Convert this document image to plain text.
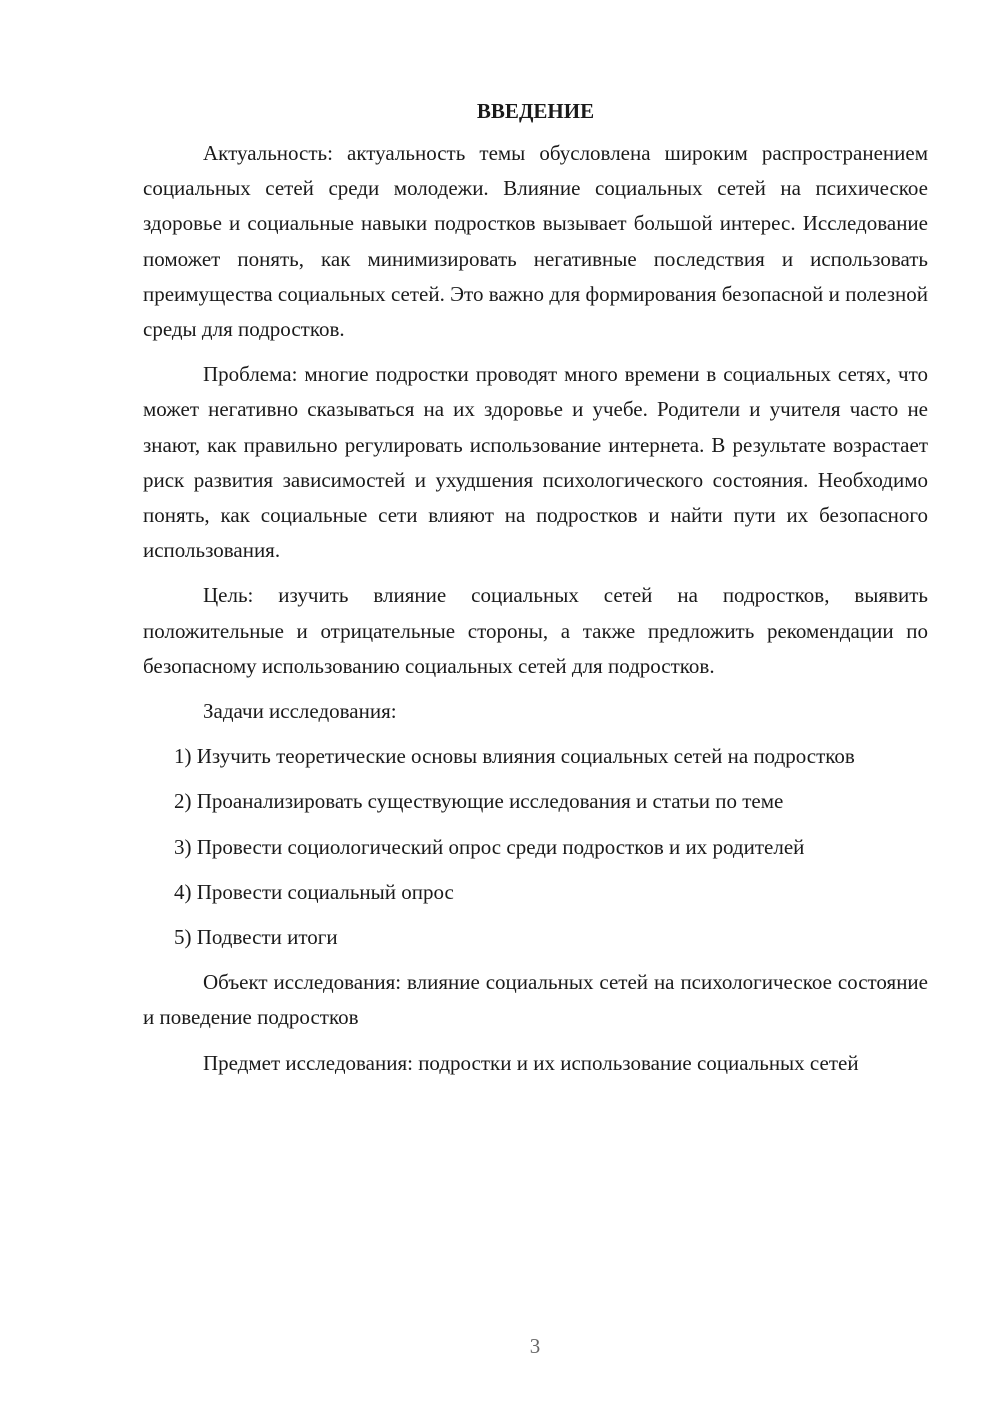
ВВЕДЕНИЕ

Актуальность: актуальность темы обусловлена широким распространением социальных сетей среди молодежи. Влияние социальных сетей на психическое здоровье и социальные навыки подростков вызывает большой интерес. Исследование поможет понять, как минимизировать негативные последствия и использовать преимущества социальных сетей. Это важно для формирования безопасной и полезной среды для подростков.

Проблема: многие подростки проводят много времени в социальных сетях, что может негативно сказываться на их здоровье и учебе. Родители и учителя часто не знают, как правильно регулировать использование интернета. В результате возрастает риск развития зависимостей и ухудшения психологического состояния. Необходимо понять, как социальные сети влияют на подростков и найти пути их безопасного использования.

Цель: изучить влияние социальных сетей на подростков, выявить положительные и отрицательные стороны, а также предложить рекомендации по безопасному использованию социальных сетей для подростков.

Задачи исследования:

1) Изучить теоретические основы влияния социальных сетей на подростков

2) Проанализировать существующие исследования и статьи по теме

3) Провести социологический опрос среди подростков и их родителей

4) Провести социальный опрос

5) Подвести итоги

Объект исследования: влияние социальных сетей на психологическое состояние и поведение подростков

Предмет исследования: подростки и их использование социальных сетей

3
